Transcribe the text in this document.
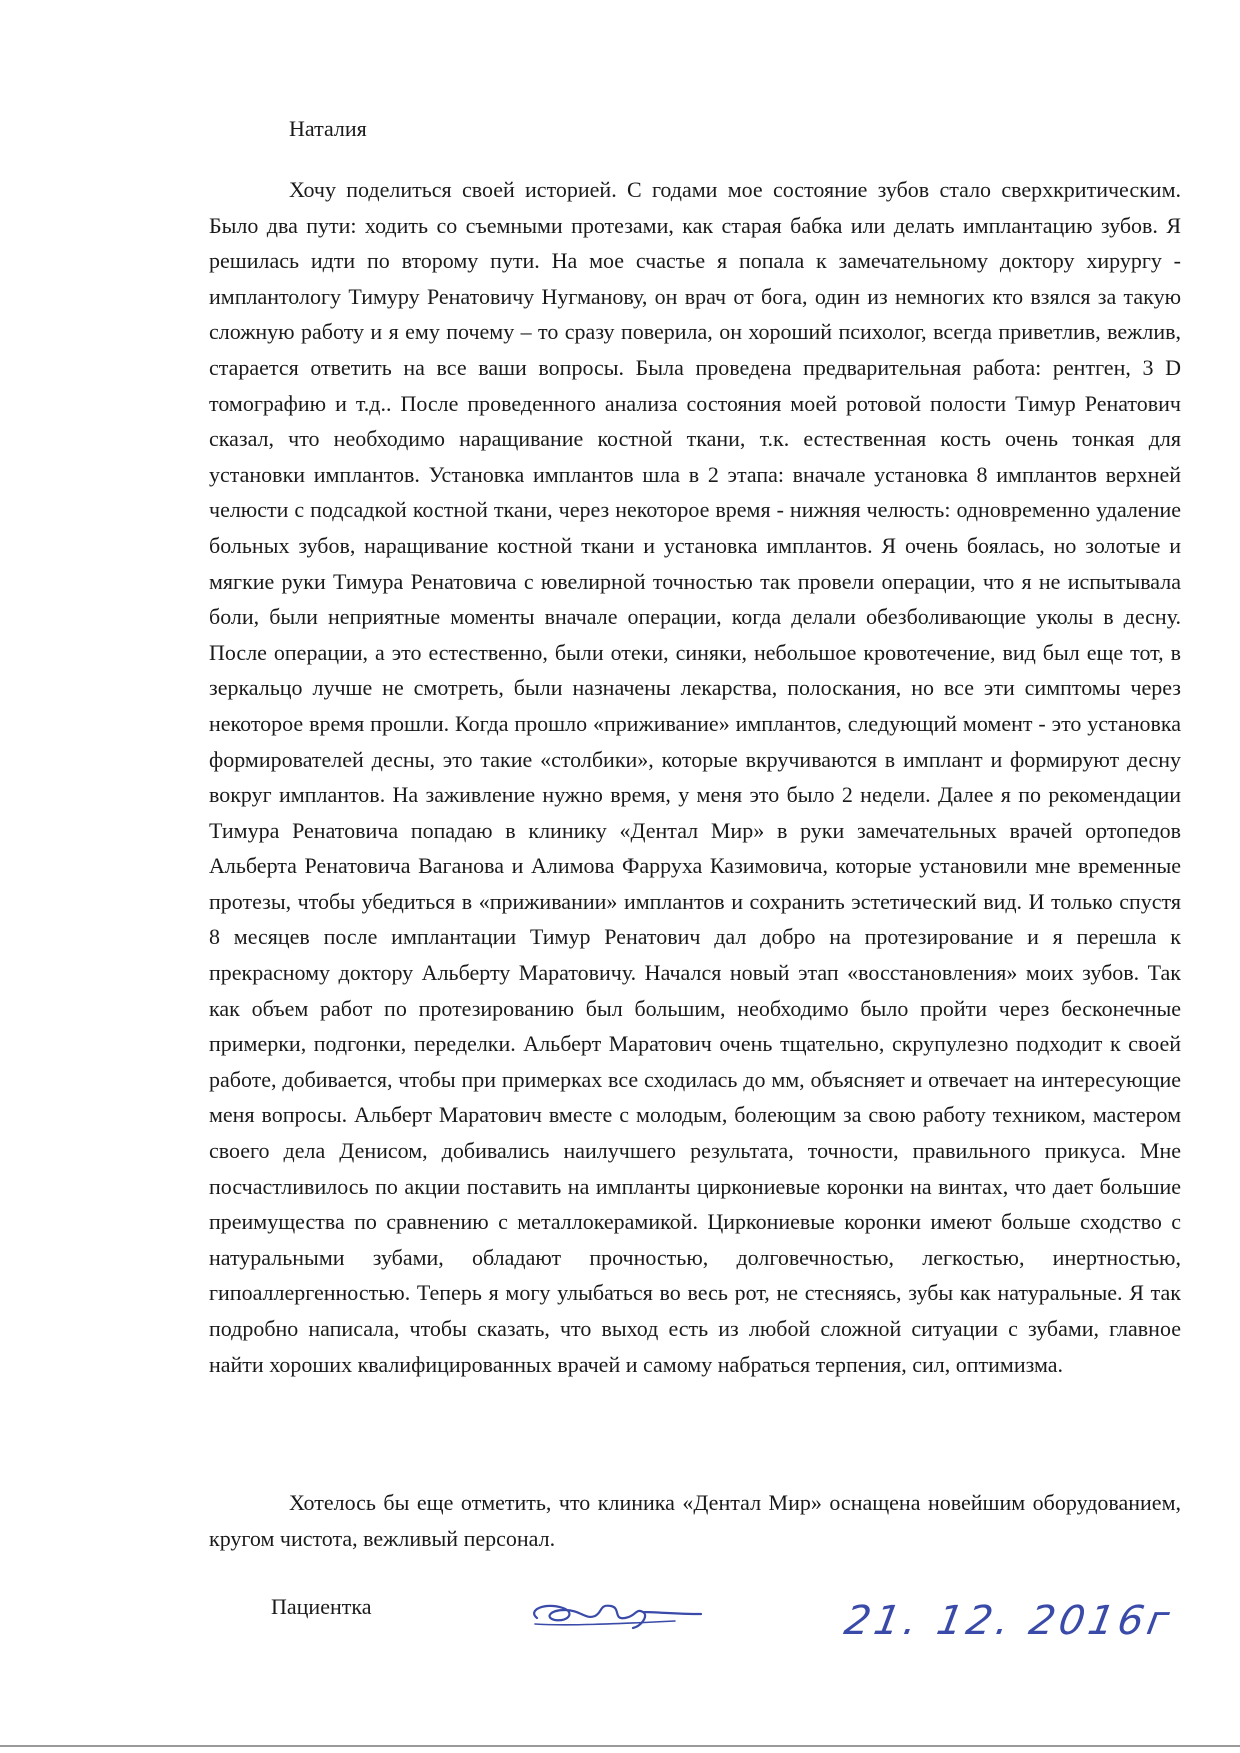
Наталия

Хочу поделиться своей историей. С годами мое состояние зубов стало сверхкритическим. Было два пути: ходить со съемными протезами, как старая бабка или делать имплантацию зубов. Я решилась идти по второму пути. На мое счастье я попала к замечательному доктору хирургу - имплантологу Тимуру Ренатовичу Нугманову, он врач от бога, один из немногих кто взялся за такую сложную работу и я ему почему – то сразу поверила, он хороший психолог, всегда приветлив, вежлив, старается ответить на все ваши вопросы. Была проведена предварительная работа: рентген, 3 D томографию и т.д.. После проведенного анализа состояния моей ротовой полости Тимур Ренатович сказал, что необходимо наращивание костной ткани, т.к. естественная кость очень тонкая для установки имплантов. Установка имплантов шла в 2 этапа: вначале установка 8 имплантов верхней челюсти с подсадкой костной ткани, через некоторое время - нижняя челюсть: одновременно удаление больных зубов, наращивание костной ткани и установка имплантов. Я очень боялась, но золотые и мягкие руки Тимура Ренатовича с ювелирной точностью так провели операции, что я не испытывала боли, были неприятные моменты вначале операции, когда делали обезболивающие уколы в десну. После операции, а это естественно, были отеки, синяки, небольшое кровотечение, вид был еще тот, в зеркальцо лучше не смотреть, были назначены лекарства, полоскания, но все эти симптомы через некоторое время прошли. Когда прошло «приживание» имплантов, следующий момент - это установка формирователей десны, это такие «столбики», которые вкручиваются в имплант и формируют десну вокруг имплантов. На заживление нужно время, у меня это было 2 недели. Далее я по рекомендации Тимура Ренатовича попадаю в клинику «Дентал Мир» в руки замечательных врачей ортопедов Альберта Ренатовича Ваганова и Алимова Фарруха Казимовича, которые установили мне временные протезы, чтобы убедиться в «приживании» имплантов и сохранить эстетический вид. И только спустя 8 месяцев после имплантации Тимур Ренатович дал добро на протезирование и я перешла к прекрасному доктору Альберту Маратовичу. Начался новый этап «восстановления» моих зубов. Так как объем работ по протезированию был большим, необходимо было пройти через бесконечные примерки, подгонки, переделки. Альберт Маратович очень тщательно, скрупулезно подходит к своей работе, добивается, чтобы при примерках все сходилась до мм, объясняет и отвечает на интересующие меня вопросы. Альберт Маратович вместе с молодым, болеющим за свою работу техником, мастером своего дела Денисом, добивались наилучшего результата, точности, правильного прикуса. Мне посчастливилось по акции поставить на импланты циркониевые коронки на винтах, что дает большие преимущества по сравнению с металлокерамикой. Циркониевые коронки имеют больше сходство с натуральными зубами, обладают прочностью, долговечностью, легкостью, инертностью, гипоаллергенностью. Теперь я могу улыбаться во весь рот, не стесняясь, зубы как натуральные. Я так подробно написала, чтобы сказать, что выход есть из любой сложной ситуации с зубами, главное найти хороших квалифицированных врачей и самому набраться терпения, сил, оптимизма.

Хотелось бы еще отметить, что клиника «Дентал Мир» оснащена новейшим оборудованием, кругом чистота, вежливый персонал.

Пациентка	21. 12. 2016г
